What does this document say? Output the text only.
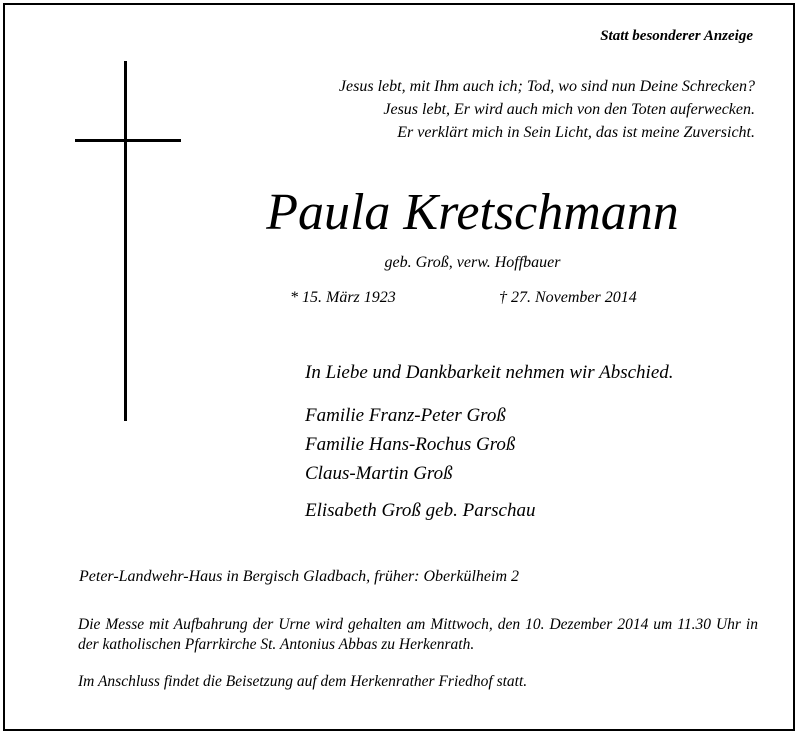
Statt besonderer Anzeige
Jesus lebt, mit Ihm auch ich; Tod, wo sind nun Deine Schrecken?
Jesus lebt, Er wird auch mich von den Toten auferwecken.
Er verklärt mich in Sein Licht, das ist meine Zuversicht.
Paula Kretschmann
geb. Groß, verw. Hoffbauer
* 15. März 1923	† 27. November 2014
In Liebe und Dankbarkeit nehmen wir Abschied.
Familie Franz-Peter Groß
Familie Hans-Rochus Groß
Claus-Martin Groß
Elisabeth Groß geb. Parschau
Peter-Landwehr-Haus in Bergisch Gladbach, früher: Oberkülheim 2
Die Messe mit Aufbahrung der Urne wird gehalten am Mittwoch, den 10. Dezember 2014 um 11.30 Uhr in der katholischen Pfarrkirche St. Antonius Abbas zu Herkenrath.
Im Anschluss findet die Beisetzung auf dem Herkenrather Friedhof statt.
